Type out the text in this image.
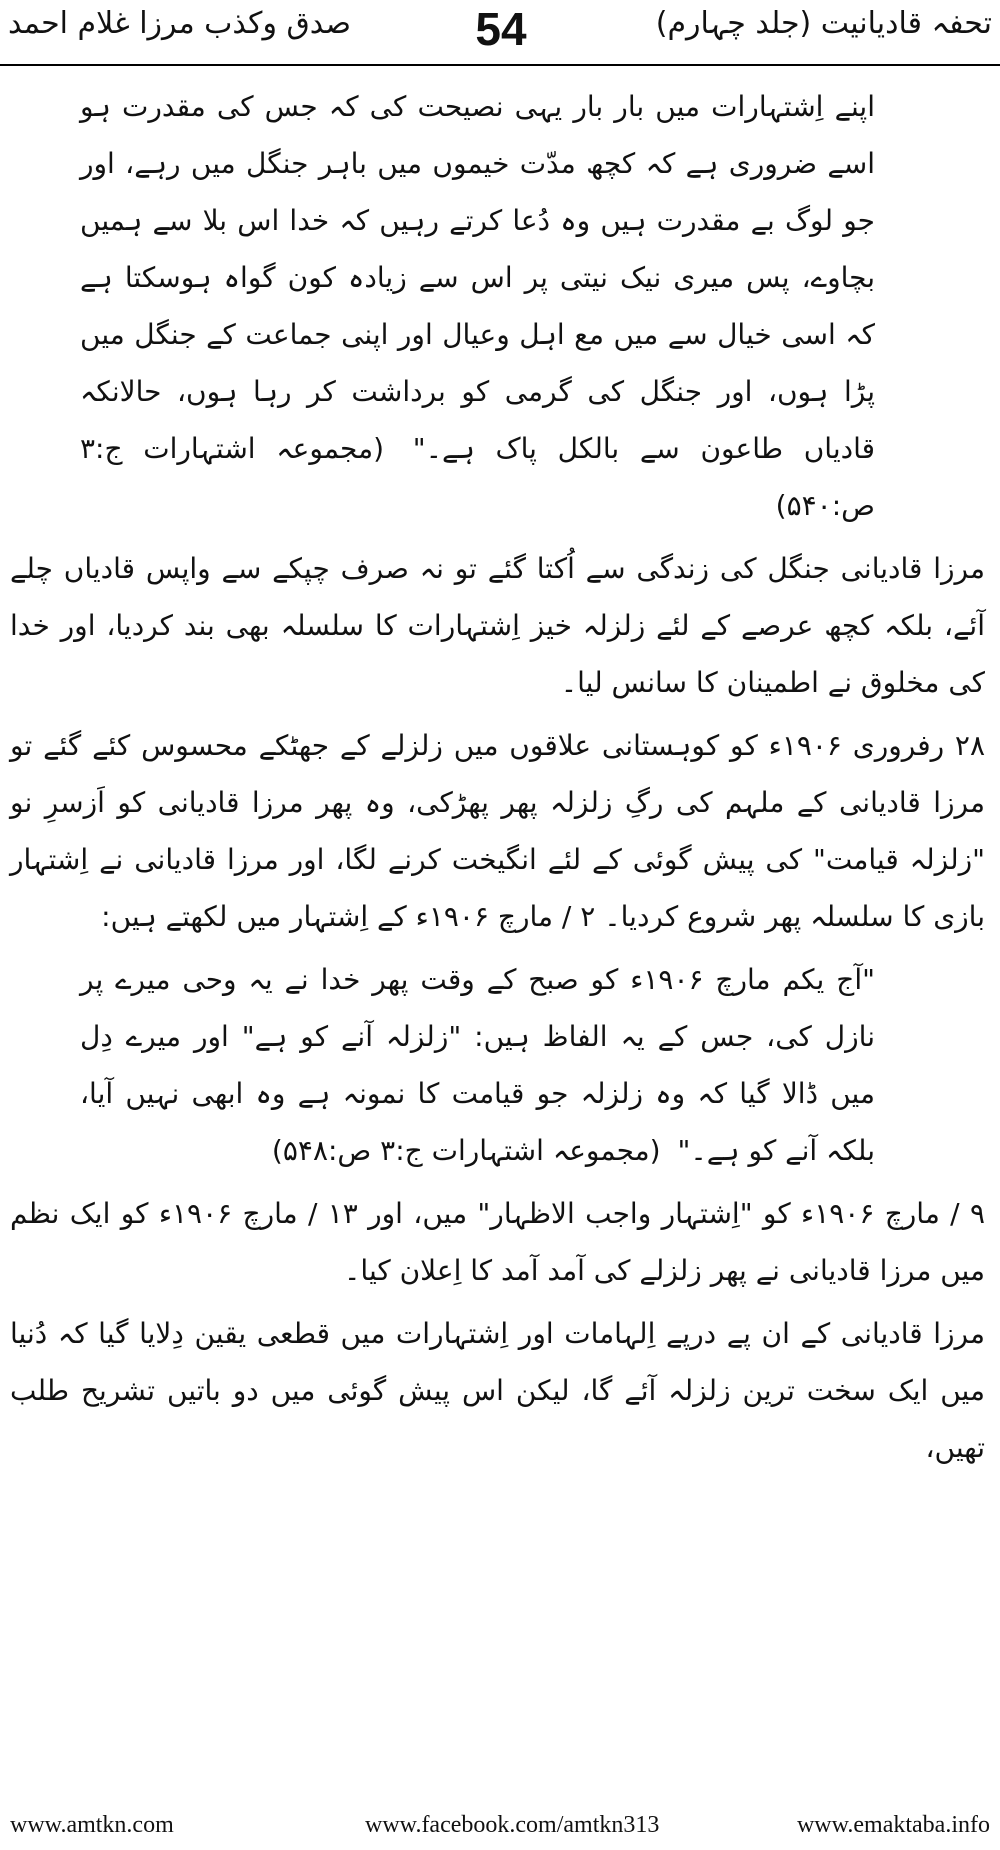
تحفہ قادیانیت (جلد چہارم)
54
صدق وکذب مرزا غلام احمد

اپنے اِشتہارات میں بار بار یہی نصیحت کی کہ جس کی مقدرت ہو اسے ضروری ہے کہ کچھ مدّت خیموں میں باہر جنگل میں رہے، اور جو لوگ بے مقدرت ہیں وہ دُعا کرتے رہیں کہ خدا اس بلا سے ہمیں بچاوے، پس میری نیک نیتی پر اس سے زیادہ کون گواہ ہوسکتا ہے کہ اسی خیال سے میں مع اہل وعیال اور اپنی جماعت کے جنگل میں پڑا ہوں، اور جنگل کی گرمی کو برداشت کر رہا ہوں، حالانکہ قادیاں طاعون سے بالکل پاک ہے۔" (مجموعہ اشتہارات ج:۳ ص:۵۴۰)

مرزا قادیانی جنگل کی زندگی سے اُکتا گئے تو نہ صرف چپکے سے واپس قادیاں چلے آئے، بلکہ کچھ عرصے کے لئے زلزلہ خیز اِشتہارات کا سلسلہ بھی بند کردیا، اور خدا کی مخلوق نے اطمینان کا سانس لیا۔

۲۸ رفروری ۱۹۰۶ء کو کوہستانی علاقوں میں زلزلے کے جھٹکے محسوس کئے گئے تو مرزا قادیانی کے ملہم کی رگِ زلزلہ پھر پھڑکی، وہ پھر مرزا قادیانی کو اَزسرِ نو "زلزلہ قیامت" کی پیش گوئی کے لئے انگیخت کرنے لگا، اور مرزا قادیانی نے اِشتہار بازی کا سلسلہ پھر شروع کردیا۔ ۲ / مارچ ۱۹۰۶ء کے اِشتہار میں لکھتے ہیں:

"آج یکم مارچ ۱۹۰۶ء کو صبح کے وقت پھر خدا نے یہ وحی میرے پر نازل کی، جس کے یہ الفاظ ہیں: "زلزلہ آنے کو ہے" اور میرے دِل میں ڈالا گیا کہ وہ زلزلہ جو قیامت کا نمونہ ہے وہ ابھی نہیں آیا، بلکہ آنے کو ہے۔" (مجموعہ اشتہارات ج:۳ ص:۵۴۸)

۹ / مارچ ۱۹۰۶ء کو "اِشتہار واجب الاظہار" میں، اور ۱۳ / مارچ ۱۹۰۶ء کو ایک نظم میں مرزا قادیانی نے پھر زلزلے کی آمد آمد کا اِعلان کیا۔

مرزا قادیانی کے ان پے درپے اِلہامات اور اِشتہارات میں قطعی یقین دِلایا گیا کہ دُنیا میں ایک سخت ترین زلزلہ آئے گا، لیکن اس پیش گوئی میں دو باتیں تشریح طلب تھیں،

www.amtkn.com	www.facebook.com/amtkn313	www.emaktaba.info
